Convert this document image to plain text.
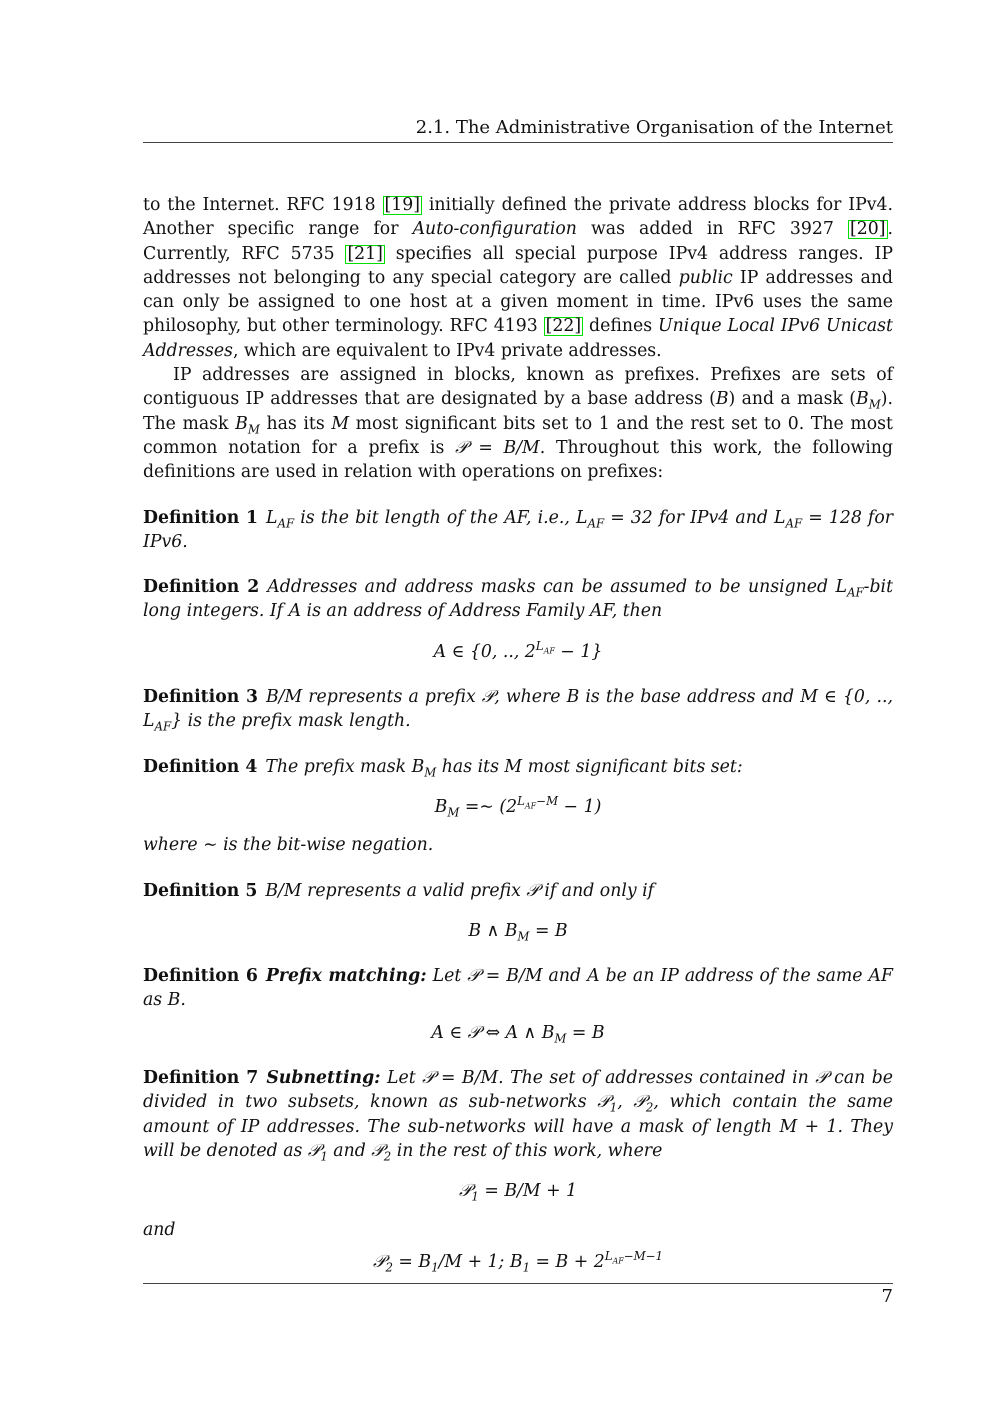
2.1. The Administrative Organisation of the Internet

to the Internet. RFC 1918 [19] initially defined the private address blocks for IPv4. Another specific range for Auto-configuration was added in RFC 3927 [20] . Currently, RFC 5735 [21] specifies all special purpose IPv4 address ranges. IP addresses not belonging to any special category are called public IP addresses and can only be assigned to one host at a given moment in time. IPv6 uses the same philosophy, but other terminology. RFC 4193 [22] defines Unique Local IPv6 Unicast Addresses, which are equivalent to IPv4 private addresses.

IP addresses are assigned in blocks, known as prefixes. Prefixes are sets of contiguous IP addresses that are designated by a base address (B) and a mask $(B_M)$. The mask $B_M$ has its M most significant bits set to 1 and the rest set to 0. The most common notation for a prefix is 𝒫 = B/M. Throughout this work, the following definitions are used in relation with operations on prefixes:

Definition 1 $L_{AF}$ is the bit length of the AF, i.e., $L_{AF} = 32$ for IPv4 and $L_{AF} = 128$ for IPv6.
Definition 2 Addresses and address masks can be assumed to be unsigned $L_{AF}$-bit long integers. If A is an address of Address Family AF, then
A ∈ {0, .., $2^{L_{AF}} - 1$}
Definition 3 B/M represents a prefix 𝒫, where B is the base address and M ∈ {0, .., $L_{AF}$} is the prefix mask length.
Definition 4 The prefix mask $B_M$ has its M most significant bits set:
$B_M$ =∼ $(2^{L_{AF}-M} - 1)$

where ∼ is the bit-wise negation.

Definition 5 B/M represents a valid prefix 𝒫 if and only if
B ∧ $B_M = B$
Definition 6 Prefix matching: Let 𝒫 = B/M and A be an IP address of the same AF as B.
A ∈ 𝒫 ⇔ A ∧ $B_M = B$
Definition 7 Subnetting: Let 𝒫 = B/M. The set of addresses contained in 𝒫 can be divided in two subsets, known as sub-networks 𝒫$_1$, 𝒫$_2$, which contain the same amount of IP addresses. The sub-networks will have a mask of length M + 1. They will be denoted as 𝒫$_1$ and 𝒫$_2$ in the rest of this work, where
𝒫$_1$ = B/M + 1

and

𝒫$_2$ = $B_1/M + 1$; $B_1 = B + 2^{L_{AF}-M-1}$
7
